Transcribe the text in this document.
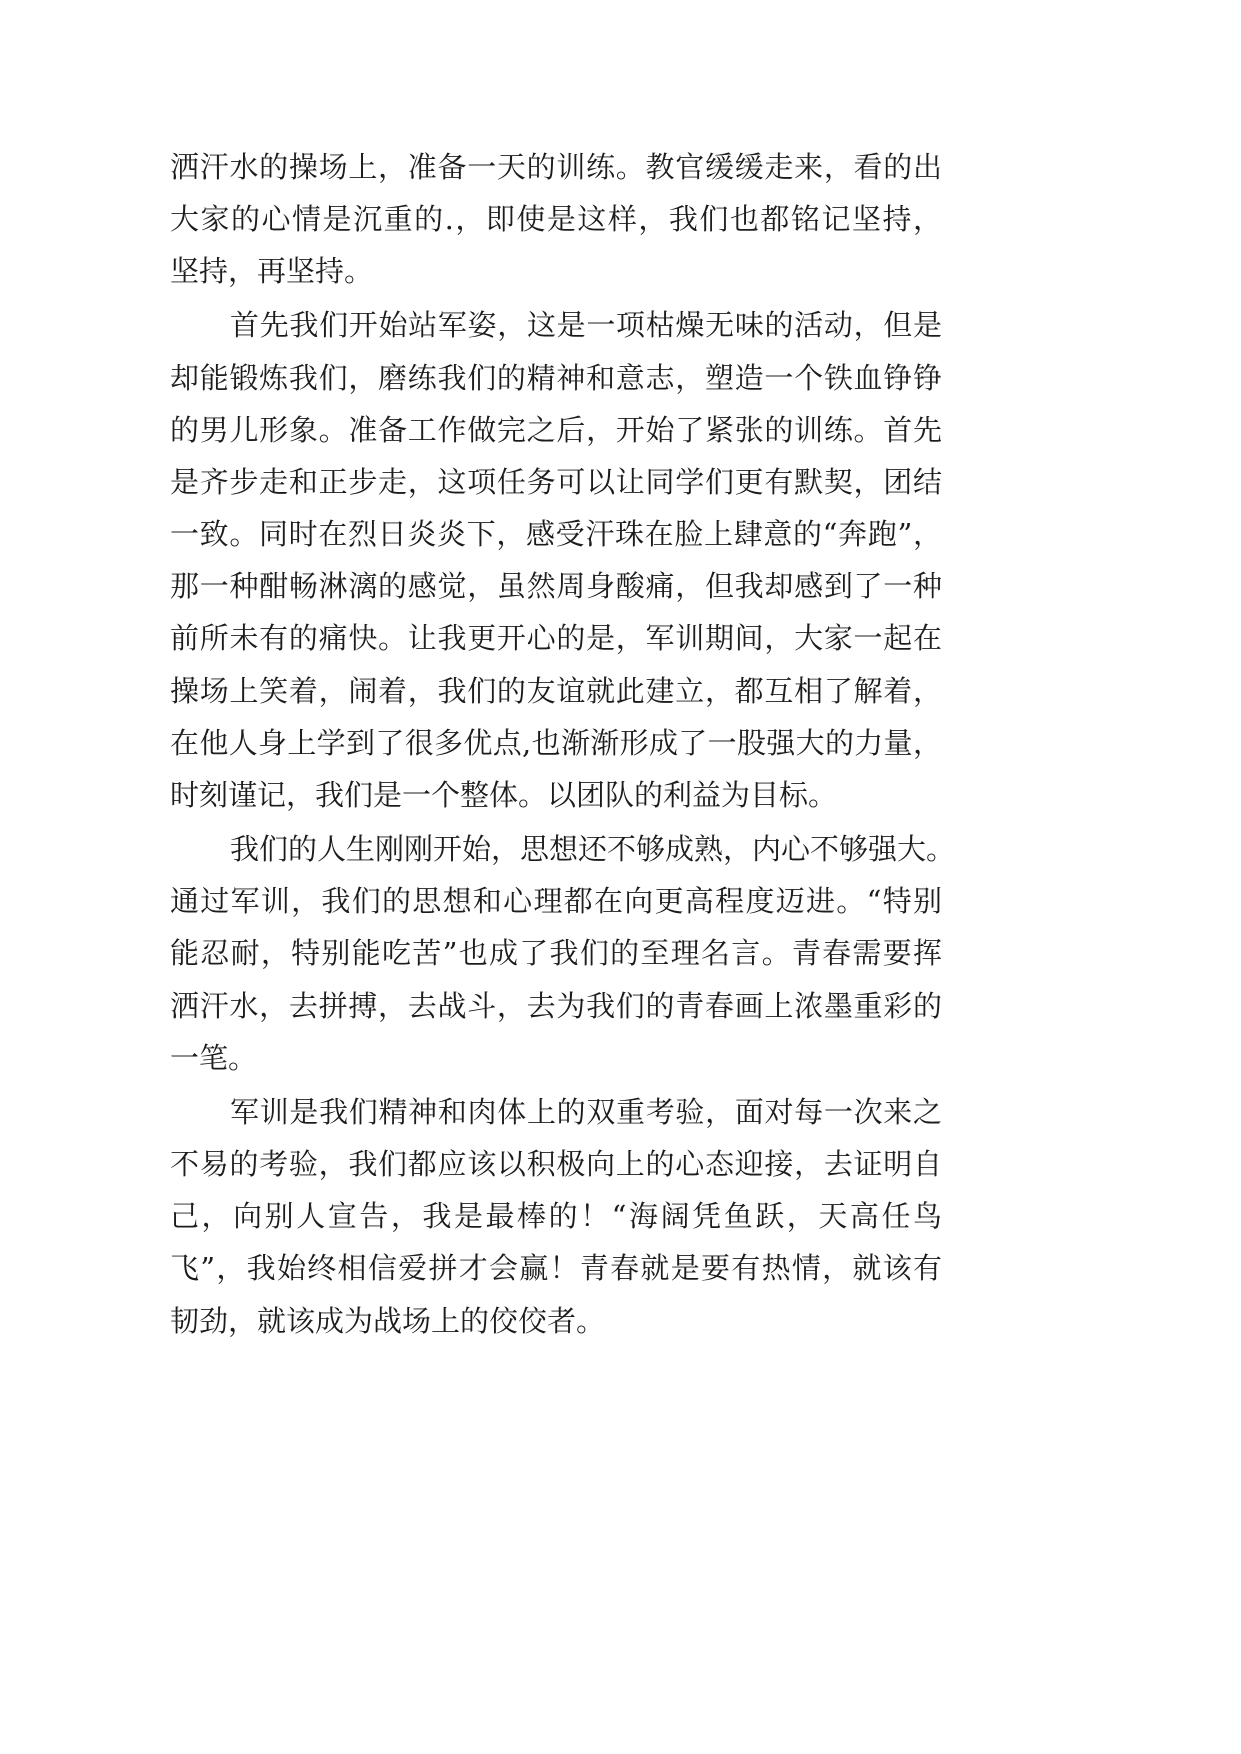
洒汗水的操场上，准备一天的训练。教官缓缓走来，看的出
大家的心情是沉重的.，即使是这样，我们也都铭记坚持，
坚持，再坚持。
首先我们开始站军姿，这是一项枯燥无味的活动，但是
却能锻炼我们，磨练我们的精神和意志，塑造一个铁血铮铮
的男儿形象。准备工作做完之后，开始了紧张的训练。首先
是齐步走和正步走，这项任务可以让同学们更有默契，团结
一致。同时在烈日炎炎下，感受汗珠在脸上肆意的“奔跑”，
那一种酣畅淋漓的感觉，虽然周身酸痛，但我却感到了一种
前所未有的痛快。让我更开心的是，军训期间，大家一起在
操场上笑着，闹着，我们的友谊就此建立，都互相了解着，
在他人身上学到了很多优点,也渐渐形成了一股强大的力量，
时刻谨记，我们是一个整体。以团队的利益为目标。
我们的人生刚刚开始，思想还不够成熟，内心不够强大。
通过军训，我们的思想和心理都在向更高程度迈进。“特别
能忍耐，特别能吃苦”也成了我们的至理名言。青春需要挥
洒汗水，去拼搏，去战斗，去为我们的青春画上浓墨重彩的
一笔。
军训是我们精神和肉体上的双重考验，面对每一次来之
不易的考验，我们都应该以积极向上的心态迎接，去证明自
己，向别人宣告，我是最棒的！“海阔凭鱼跃，天高任鸟
飞”，我始终相信爱拼才会赢！青春就是要有热情，就该有
韧劲，就该成为战场上的佼佼者。
